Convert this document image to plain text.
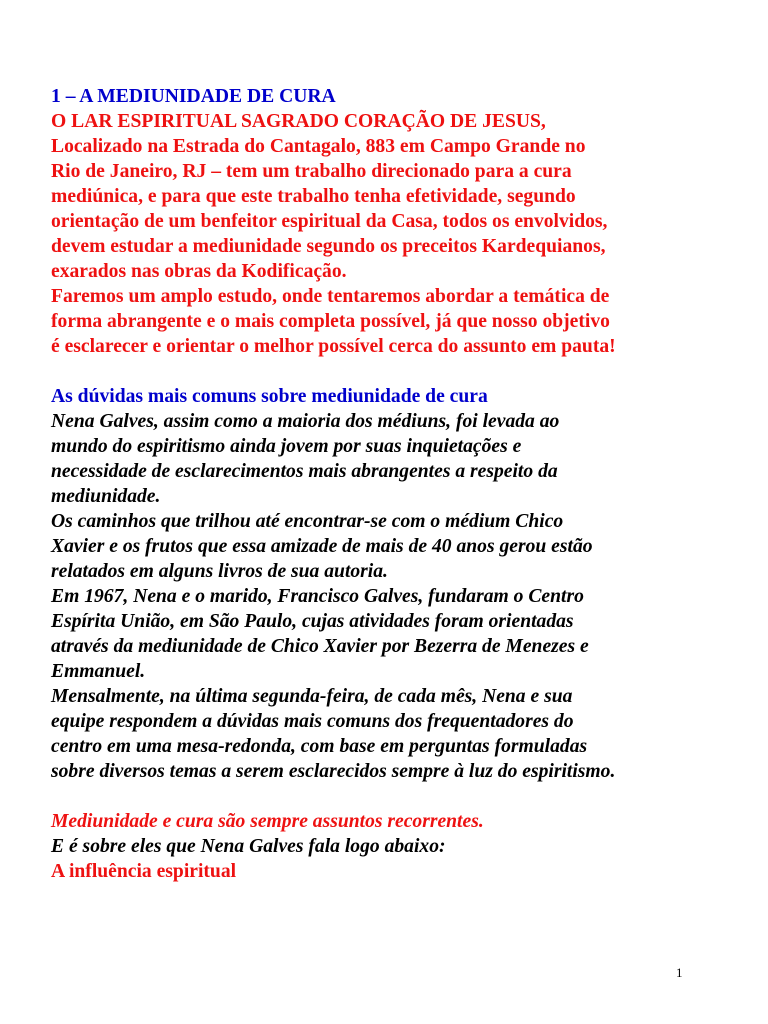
1 – A MEDIUNIDADE DE CURA
O LAR ESPIRITUAL SAGRADO CORAÇÃO DE JESUS,
Localizado na Estrada do Cantagalo, 883 em Campo Grande no
Rio de Janeiro, RJ – tem um trabalho direcionado para a cura
mediúnica, e para que este trabalho tenha efetividade, segundo
orientação de um benfeitor espiritual da Casa, todos os envolvidos,
devem estudar a mediunidade segundo os preceitos Kardequianos,
exarados nas obras da Kodificação.
Faremos um amplo estudo, onde tentaremos abordar a temática de
forma abrangente e o mais completa possível, já que nosso objetivo
é esclarecer e orientar o melhor possível cerca do assunto em pauta!
As dúvidas mais comuns sobre mediunidade de cura
Nena Galves, assim como a maioria dos médiuns, foi levada ao
mundo do espiritismo ainda jovem por suas inquietações e
necessidade de esclarecimentos mais abrangentes a respeito da
mediunidade.
Os caminhos que trilhou até encontrar-se com o médium Chico
Xavier e os frutos que essa amizade de mais de 40 anos gerou estão
relatados em alguns livros de sua autoria.
Em 1967, Nena e o marido, Francisco Galves, fundaram o Centro
Espírita União, em São Paulo, cujas atividades foram orientadas
através da mediunidade de Chico Xavier por Bezerra de Menezes e
Emmanuel.
Mensalmente, na última segunda-feira, de cada mês, Nena e sua
equipe respondem a dúvidas mais comuns dos frequentadores do
centro em uma mesa-redonda, com base em perguntas formuladas
sobre diversos temas a serem esclarecidos sempre à luz do espiritismo.
Mediunidade e cura são sempre assuntos recorrentes.
E é sobre eles que Nena Galves fala logo abaixo:
A influência espiritual
1
